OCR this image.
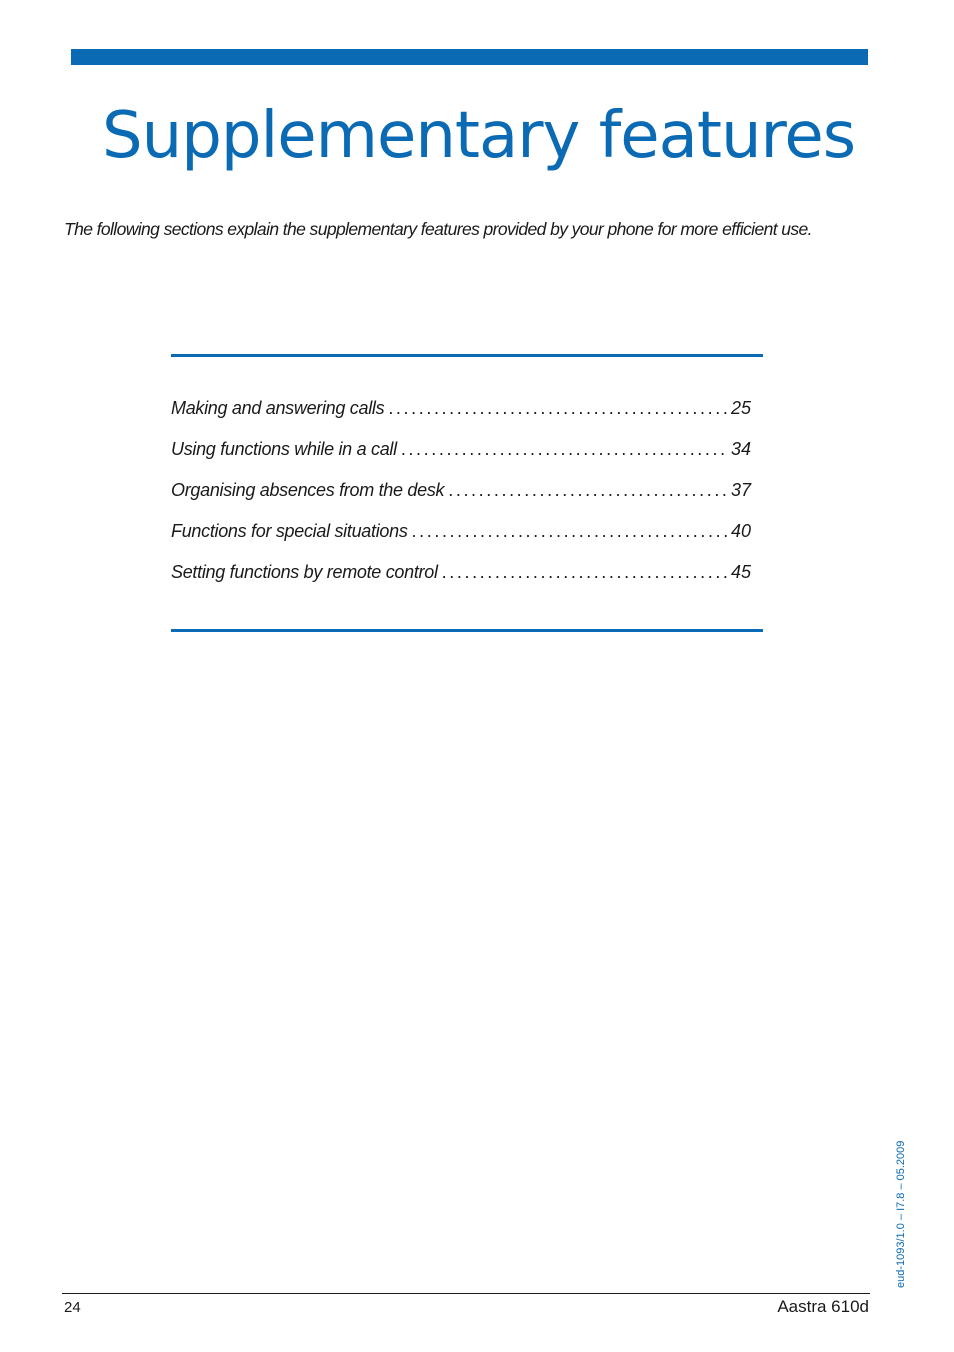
Supplementary features

The following sections explain the supplementary features provided by your phone for more efficient use.

Making and answering calls . . .	25
Using functions while in a call . . .	34
Organising absences from the desk . . .	37
Functions for special situations . . .	40
Setting functions by remote control . . .	45
eud-1093/1.0 – I7.8 – 05.2009
24	Aastra 610d
